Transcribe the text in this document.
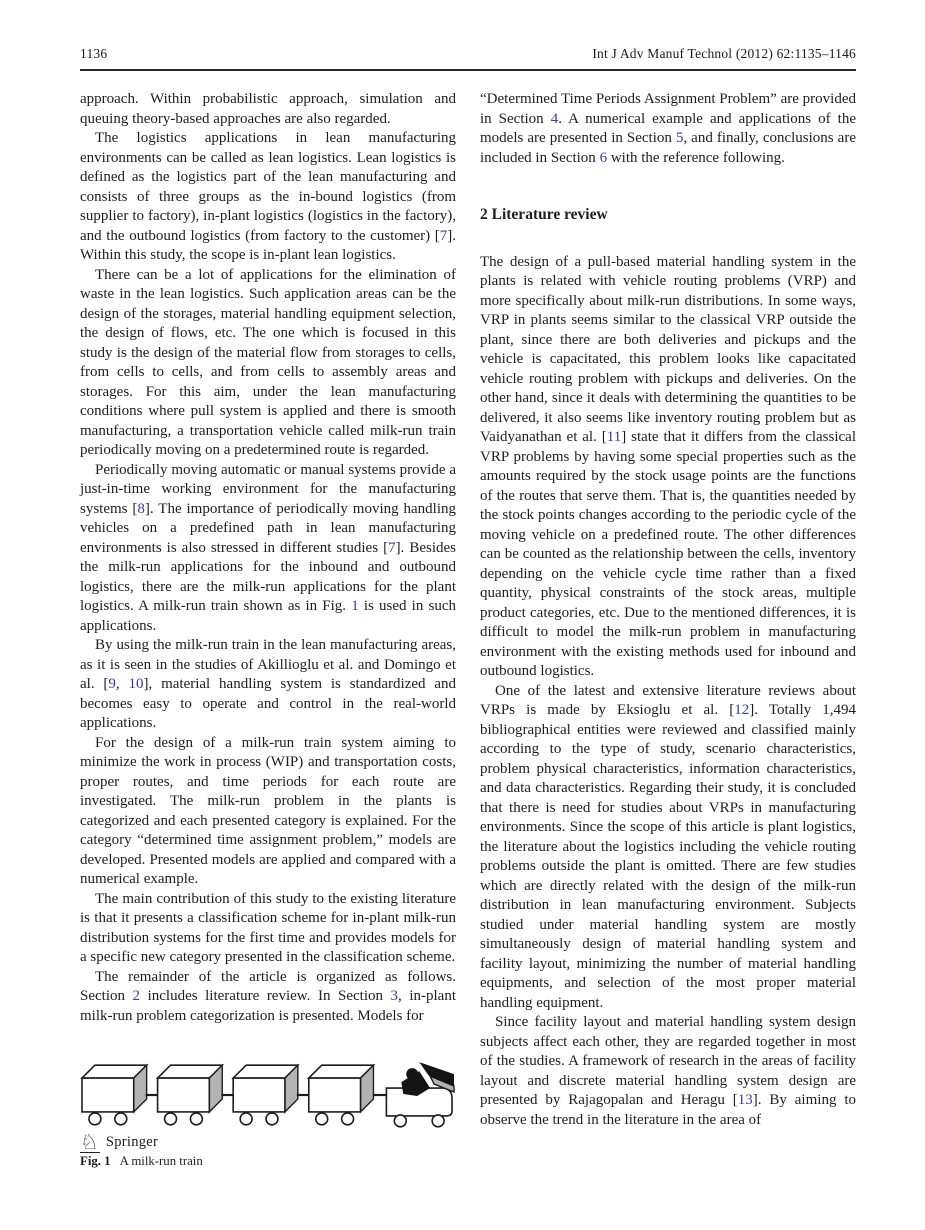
1136	Int J Adv Manuf Technol (2012) 62:1135–1146

approach. Within probabilistic approach, simulation and queuing theory-based approaches are also regarded.

The logistics applications in lean manufacturing environments can be called as lean logistics. Lean logistics is defined as the logistics part of the lean manufacturing and consists of three groups as the in-bound logistics (from supplier to factory), in-plant logistics (logistics in the factory), and the outbound logistics (from factory to the customer) [7]. Within this study, the scope is in-plant lean logistics.

There can be a lot of applications for the elimination of waste in the lean logistics. Such application areas can be the design of the storages, material handling equipment selection, the design of flows, etc. The one which is focused in this study is the design of the material flow from storages to cells, from cells to cells, and from cells to assembly areas and storages. For this aim, under the lean manufacturing conditions where pull system is applied and there is smooth manufacturing, a transportation vehicle called milk-run train periodically moving on a predetermined route is regarded.

Periodically moving automatic or manual systems provide a just-in-time working environment for the manufacturing systems [8]. The importance of periodically moving handling vehicles on a predefined path in lean manufacturing environments is also stressed in different studies [7]. Besides the milk-run applications for the inbound and outbound logistics, there are the milk-run applications for the plant logistics. A milk-run train shown as in Fig. 1 is used in such applications.

By using the milk-run train in the lean manufacturing areas, as it is seen in the studies of Akillioglu et al. and Domingo et al. [9, 10], material handling system is standardized and becomes easy to operate and control in the real-world applications.

For the design of a milk-run train system aiming to minimize the work in process (WIP) and transportation costs, proper routes, and time periods for each route are investigated. The milk-run problem in the plants is categorized and each presented category is explained. For the category “determined time assignment problem,” models are developed. Presented models are applied and compared with a numerical example.

The main contribution of this study to the existing literature is that it presents a classification scheme for in-plant milk-run distribution systems for the first time and provides models for a specific new category presented in the classification scheme.

The remainder of the article is organized as follows. Section 2 includes literature review. In Section 3, in-plant milk-run problem categorization is presented. Models for

Fig. 1 A milk-run train

“Determined Time Periods Assignment Problem” are provided in Section 4. A numerical example and applications of the models are presented in Section 5, and finally, conclusions are included in Section 6 with the reference following.

2 Literature review

The design of a pull-based material handling system in the plants is related with vehicle routing problems (VRP) and more specifically about milk-run distributions. In some ways, VRP in plants seems similar to the classical VRP outside the plant, since there are both deliveries and pickups and the vehicle is capacitated, this problem looks like capacitated vehicle routing problem with pickups and deliveries. On the other hand, since it deals with determining the quantities to be delivered, it also seems like inventory routing problem but as Vaidyanathan et al. [11] state that it differs from the classical VRP problems by having some special properties such as the amounts required by the stock usage points are the functions of the routes that serve them. That is, the quantities needed by the stock points changes according to the periodic cycle of the moving vehicle on a predefined route. The other differences can be counted as the relationship between the cells, inventory depending on the vehicle cycle time rather than a fixed quantity, physical constraints of the stock areas, multiple product categories, etc. Due to the mentioned differences, it is difficult to model the milk-run problem in manufacturing environment with the existing methods used for inbound and outbound logistics.

One of the latest and extensive literature reviews about VRPs is made by Eksioglu et al. [12]. Totally 1,494 bibliographical entities were reviewed and classified mainly according to the type of study, scenario characteristics, problem physical characteristics, information characteristics, and data characteristics. Regarding their study, it is concluded that there is need for studies about VRPs in manufacturing environments. Since the scope of this article is plant logistics, the literature about the logistics including the vehicle routing problems outside the plant is omitted. There are few studies which are directly related with the design of the milk-run distribution in lean manufacturing environment. Subjects studied under material handling system are mostly simultaneously design of material handling system and facility layout, minimizing the number of material handling equipments, and selection of the most proper material handling equipment.

Since facility layout and material handling system design subjects affect each other, they are regarded together in most of the studies. A framework of research in the areas of facility layout and discrete material handling system design are presented by Rajagopalan and Heragu [13]. By aiming to observe the trend in the literature in the area of

♘ Springer
